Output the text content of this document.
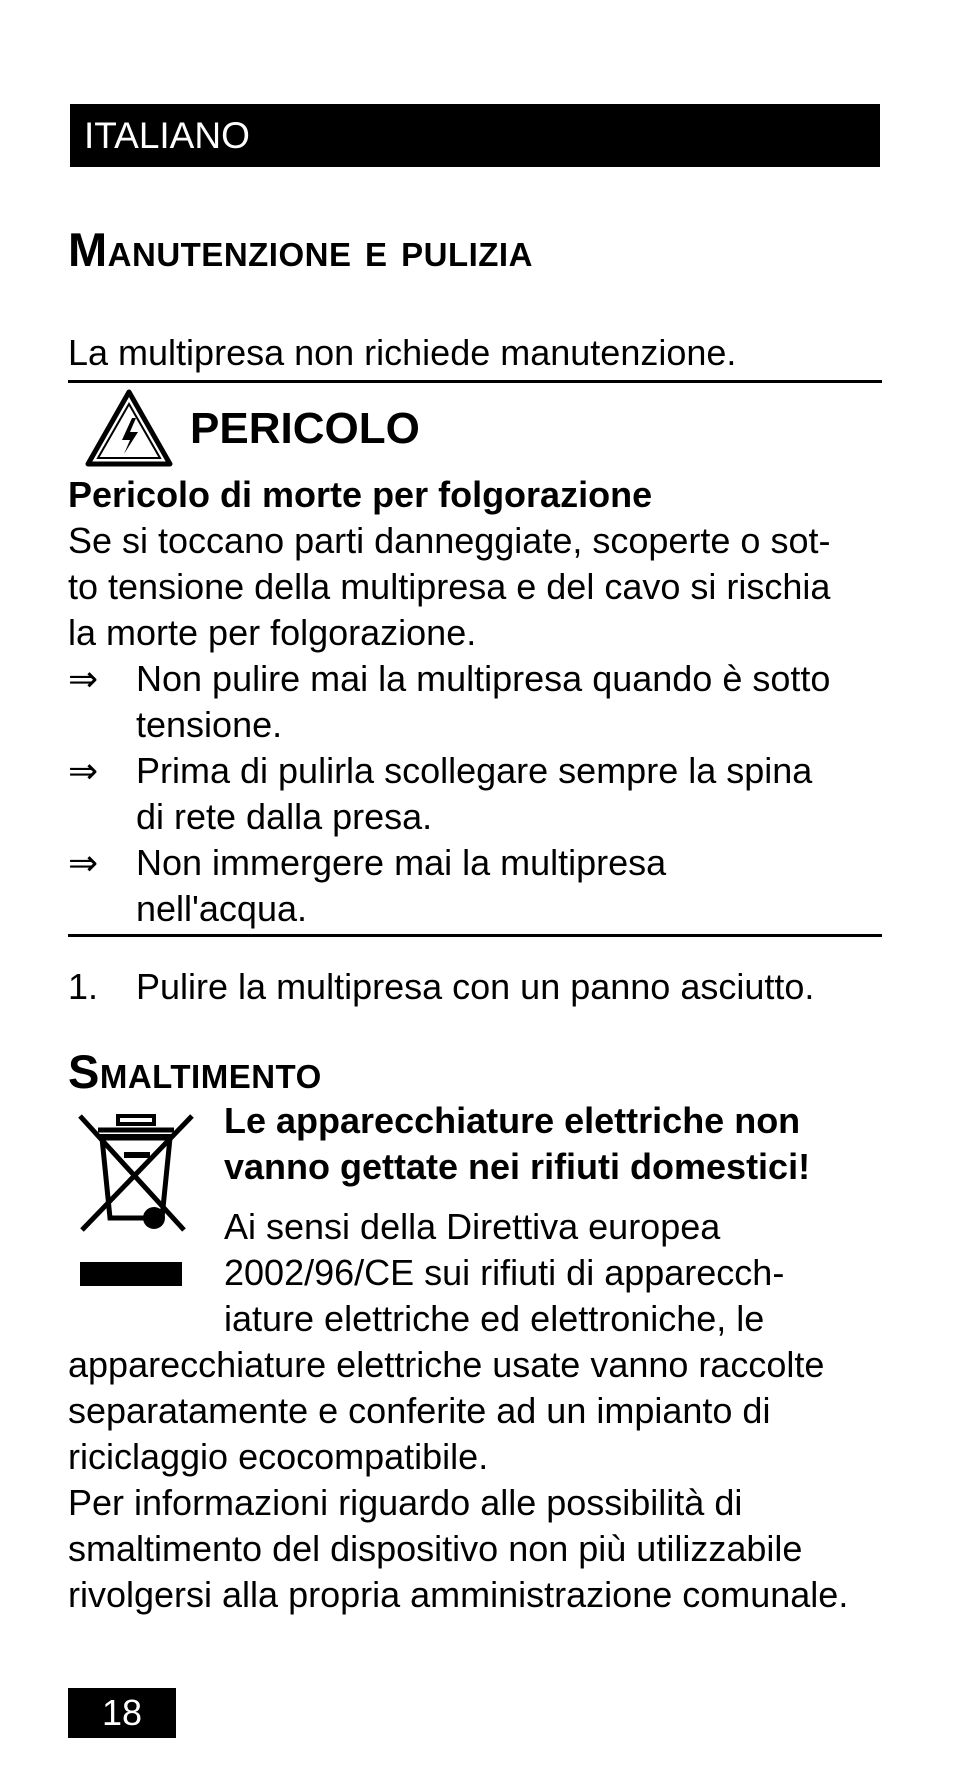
ITALIANO
Manutenzione e pulizia
La multipresa non richiede manutenzione.
PERICOLO
Pericolo di morte per folgorazione
Se si toccano parti danneggiate, scoperte o sot-
to tensione della multipresa e del cavo si rischia
la morte per folgorazione.
⇒	Non pulire mai la multipresa quando è sotto
tensione.
⇒	Prima di pulirla scollegare sempre la spina
di rete dalla presa.
⇒	Non immergere mai la multipresa
nell'acqua.
1.	Pulire la multipresa con un panno asciutto.
Smaltimento
Le apparecchiature elettriche non
vanno gettate nei rifiuti domestici!
Ai sensi della Direttiva europea
2002/96/CE sui rifiuti di apparecch-
iature elettriche ed elettroniche, le
apparecchiature elettriche usate vanno raccolte
separatamente e conferite ad un impianto di
riciclaggio ecocompatibile.
Per informazioni riguardo alle possibilità di
smaltimento del dispositivo non più utilizzabile
rivolgersi alla propria amministrazione comunale.
18
